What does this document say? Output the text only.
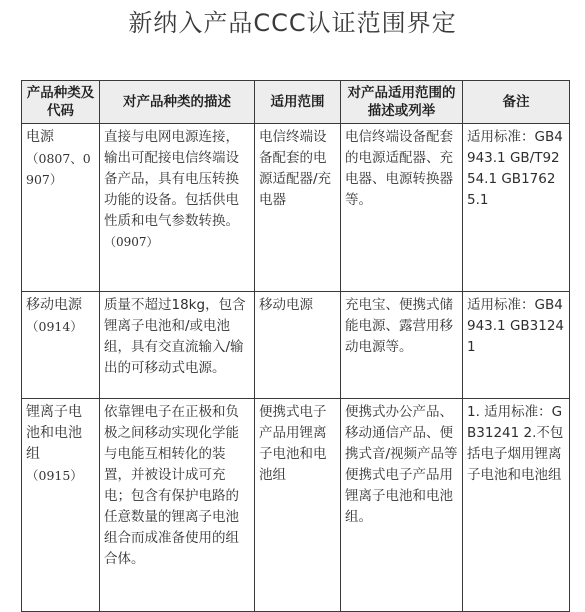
新纳入产品CCC认证范围界定
产品种类及代码	对产品种类的描述	适用范围	对产品适用范围的描述或列举	备注

电源
（0807、0907）	直接与电网电源连接，输出可配接电信终端设备产品，具有电压转换功能的设备。包括供电性质和电气参数转换。（0907）	电信终端设备配套的电源适配器/充电器	电信终端设备配套的电源适配器、充电器、电源转换器等。	适用标准：GB4943.1 GB/T9254.1 GB17625.1

移动电源
（0914）	质量不超过18kg，包含锂离子电池和/或电池组，具有交直流输入/输出的可移动式电源。	移动电源	充电宝、便携式储能电源、露营用移动电源等。	适用标准：GB4943.1 GB31241

锂离子电池和电池组
（0915）	依靠锂电子在正极和负极之间移动实现化学能与电能互相转化的装置，并被设计成可充电；包含有保护电路的任意数量的锂离子电池组合而成准备使用的组合体。	便携式电子产品用锂离子电池和电池组	便携式办公产品、移动通信产品、便携式音/视频产品等便携式电子产品用锂离子电池和电池组。	1. 适用标准：GB31241 2.不包括电子烟用锂离子电池和电池组
